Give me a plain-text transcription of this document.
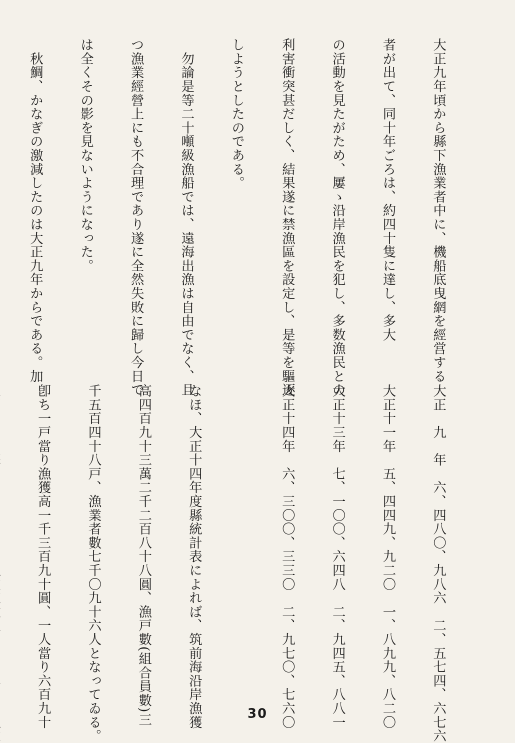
大正九年頃から縣下漁業者中に、機船底曳網を經営する

者が出て、同十年ごろは、約四十隻に達し、多大

の活動を見たがため、屢ゝ沿岸漁民を犯し、多数漁民との

利害衝突甚だしく、結果遂に禁漁區を設定し、是等を驅逐

しようとしたのである。

　勿論是等二十噸級漁船では、遠海出漁は自由でなく、且

つ漁業經營上にも不合理であり遂に全然失敗に歸し今日で

は全くその影を見ないようになった。

　秋鯛、かなぎの激減したのは大正九年からである。加

大正　九　年　六、四八〇、九八六　二、五七四、六七六

大正十一年　五、四四九、九二〇　一、八九九、八二〇

大正十三年　七、一〇〇、六四八　二、九四五、八八一

大正十四年　六、三〇〇、三三〇　二、九七〇、七六〇

なほ、大正十四年度縣統計表によれば、筑前海沿岸漁獲

高四百九十三萬二千二百八十八圓、漁戸數(組合員數)三

千五百四十八戸、漁業者數七千〇九十六人となってゐる。

卽ち一戸當り漁獲高一千三百九十圓、一人當り六百九十

	30
